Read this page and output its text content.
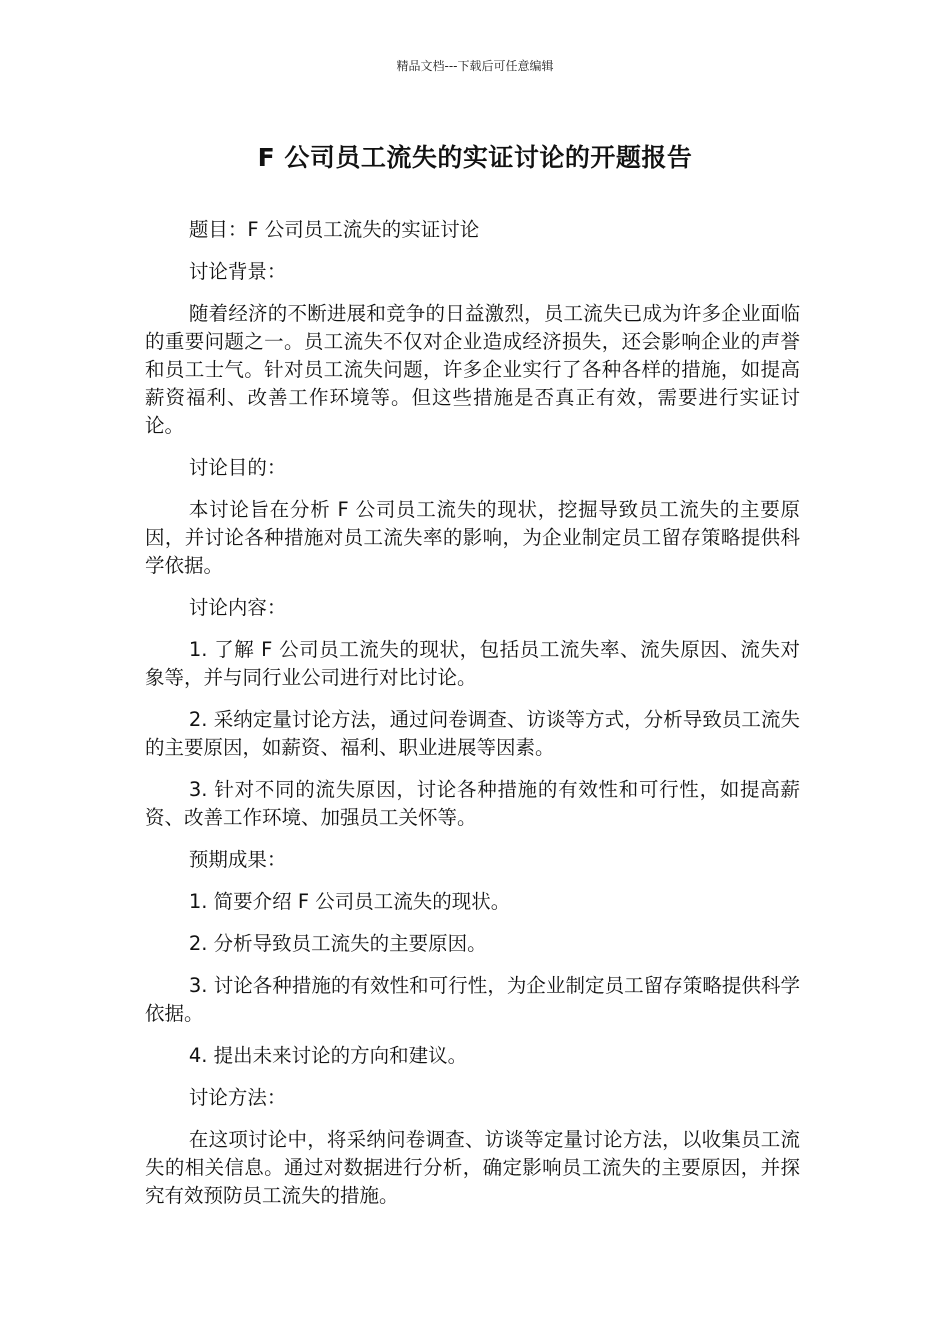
精品文档---下载后可任意编辑
F 公司员工流失的实证讨论的开题报告

题目：F 公司员工流失的实证讨论

讨论背景：

随着经济的不断进展和竞争的日益激烈，员工流失已成为许多企业面临的重要问题之一。员工流失不仅对企业造成经济损失，还会影响企业的声誉和员工士气。针对员工流失问题，许多企业实行了各种各样的措施，如提高薪资福利、改善工作环境等。但这些措施是否真正有效，需要进行实证讨论。

讨论目的：

本讨论旨在分析 F 公司员工流失的现状，挖掘导致员工流失的主要原因，并讨论各种措施对员工流失率的影响，为企业制定员工留存策略提供科学依据。

讨论内容：

1. 了解 F 公司员工流失的现状，包括员工流失率、流失原因、流失对象等，并与同行业公司进行对比讨论。

2. 采纳定量讨论方法，通过问卷调查、访谈等方式，分析导致员工流失的主要原因，如薪资、福利、职业进展等因素。

3. 针对不同的流失原因，讨论各种措施的有效性和可行性，如提高薪资、改善工作环境、加强员工关怀等。

预期成果：

1. 简要介绍 F 公司员工流失的现状。

2. 分析导致员工流失的主要原因。

3. 讨论各种措施的有效性和可行性，为企业制定员工留存策略提供科学依据。

4. 提出未来讨论的方向和建议。

讨论方法：

在这项讨论中，将采纳问卷调查、访谈等定量讨论方法，以收集员工流失的相关信息。通过对数据进行分析，确定影响员工流失的主要原因，并探究有效预防员工流失的措施。
